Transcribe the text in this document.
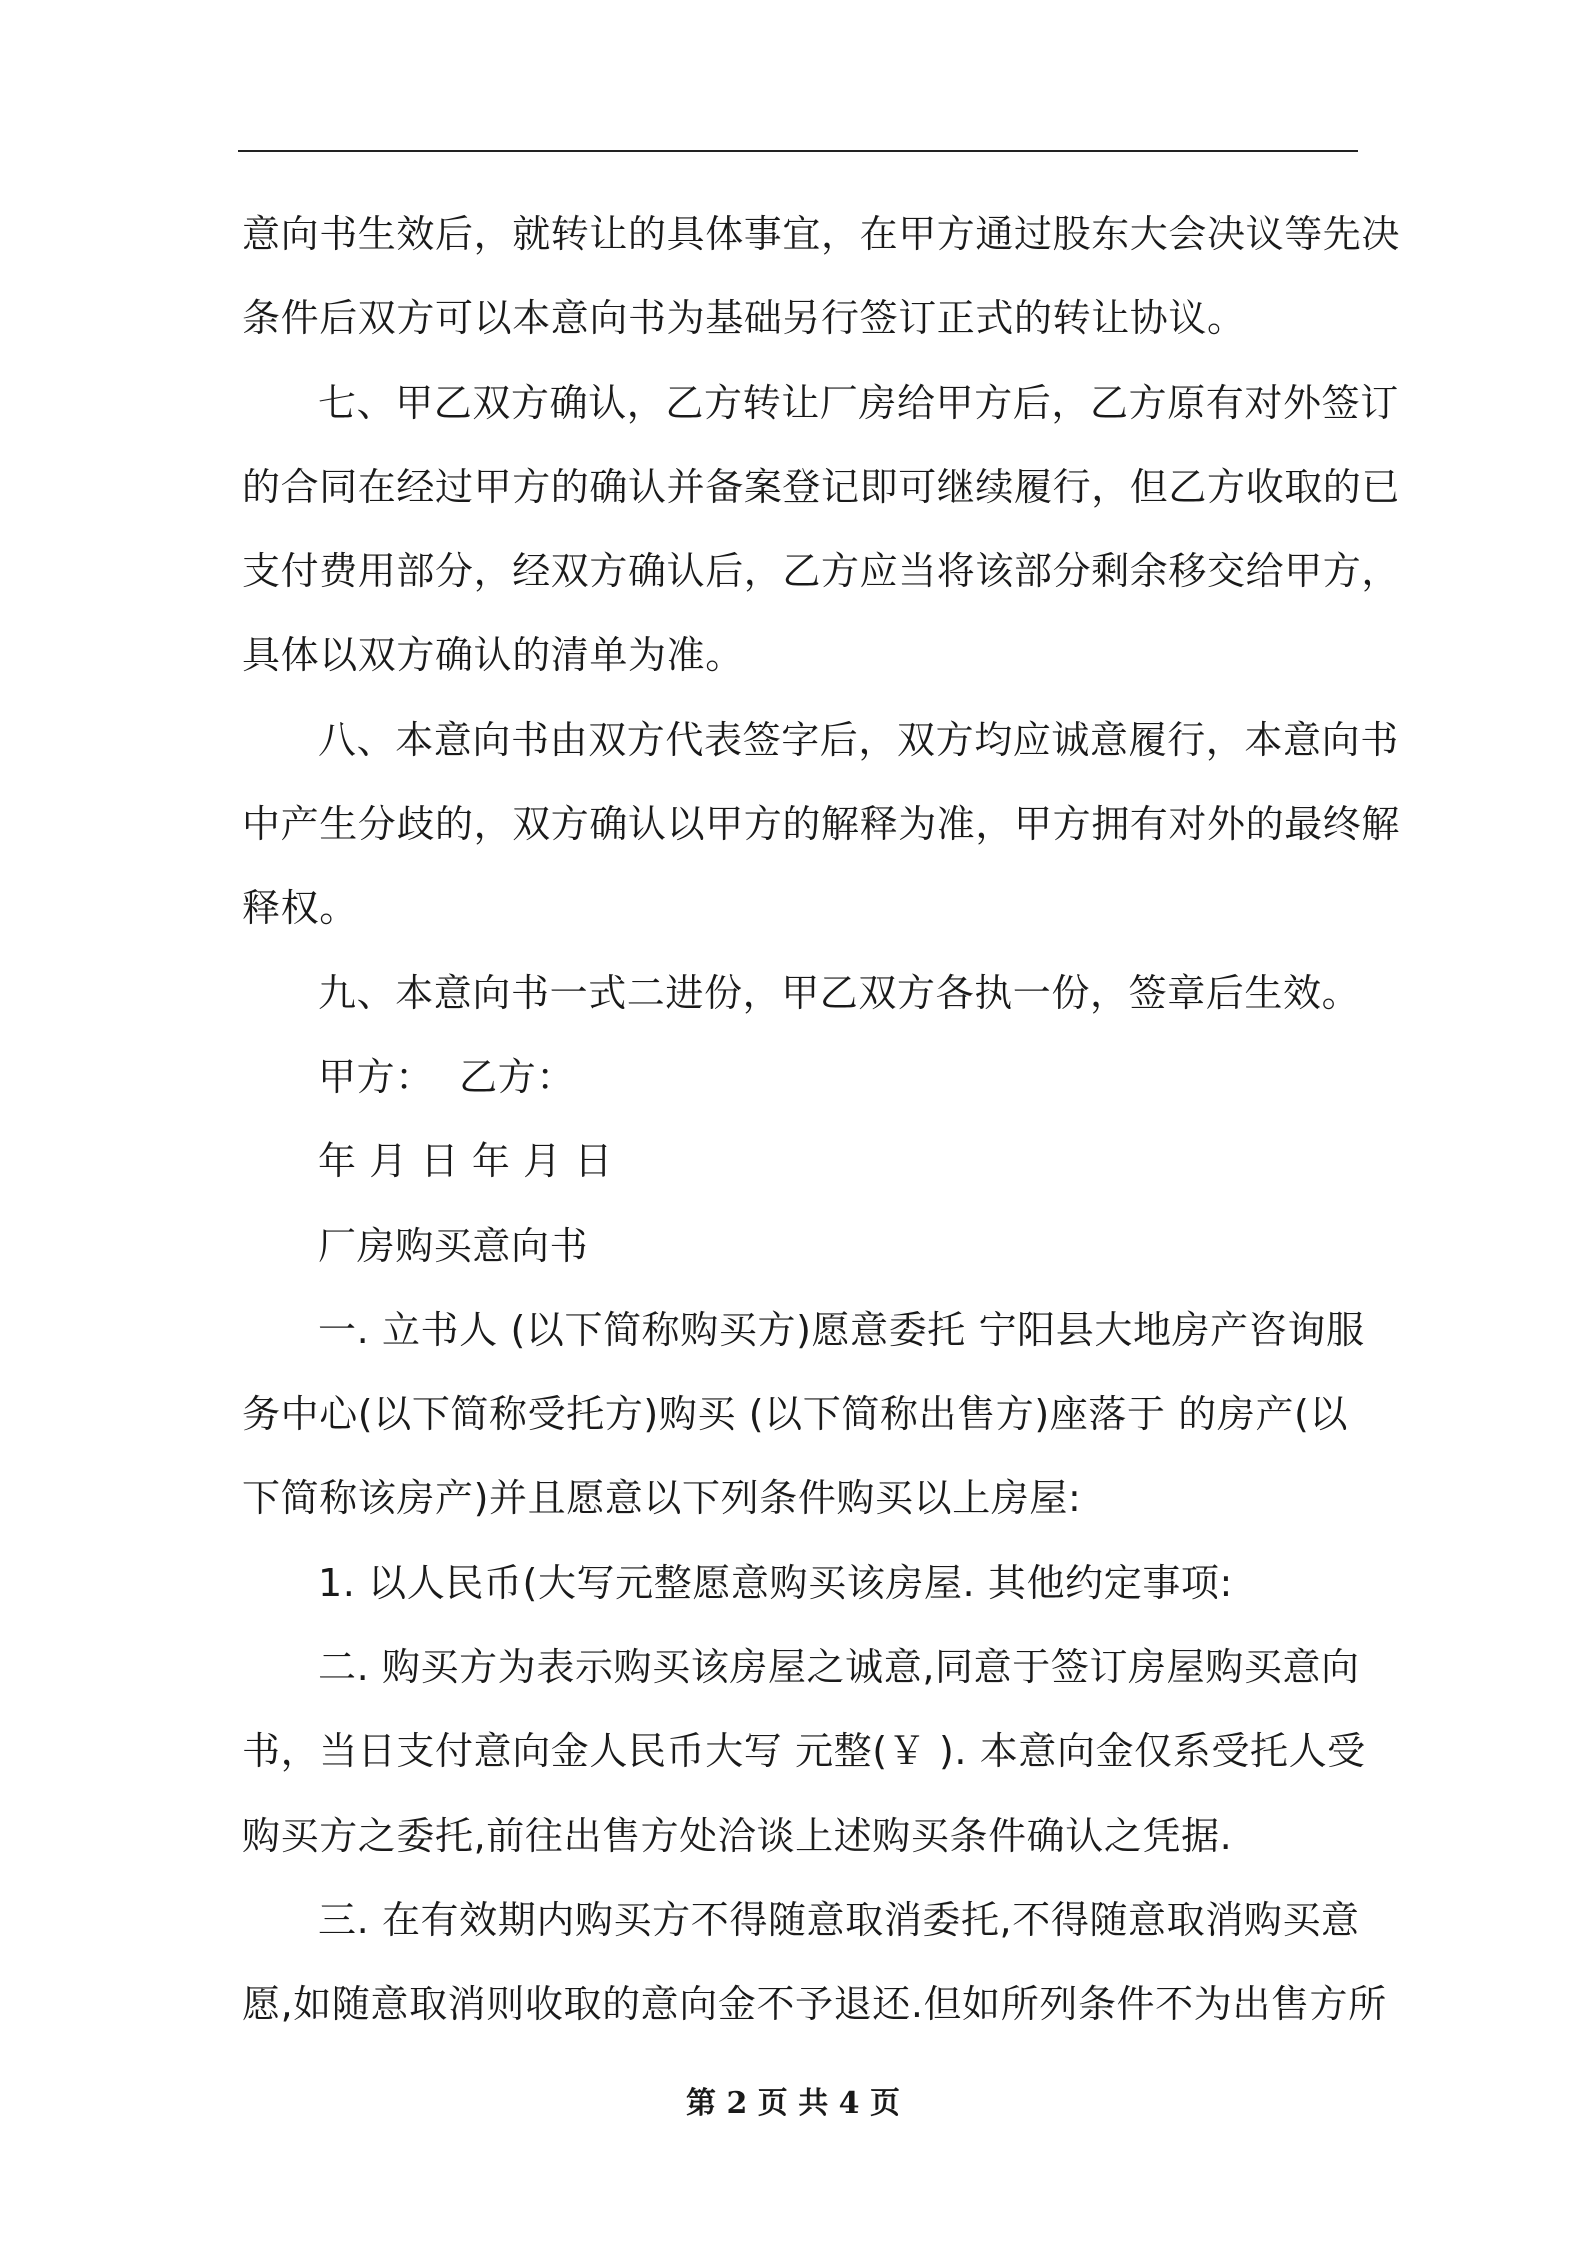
意向书生效后，就转让的具体事宜，在甲方通过股东大会决议等先决
条件后双方可以本意向书为基础另行签订正式的转让协议。
七、甲乙双方确认，乙方转让厂房给甲方后，乙方原有对外签订
的合同在经过甲方的确认并备案登记即可继续履行，但乙方收取的已
支付费用部分，经双方确认后，乙方应当将该部分剩余移交给甲方，
具体以双方确认的清单为准。
八、本意向书由双方代表签字后，双方均应诚意履行，本意向书
中产生分歧的，双方确认以甲方的解释为准，甲方拥有对外的最终解
释权。
九、本意向书一式二进份，甲乙双方各执一份，签章后生效。
甲方：  乙方：
年 月 日 年 月 日
厂房购买意向书
一. 立书人 (以下简称购买方)愿意委托 宁阳县大地房产咨询服
务中心(以下简称受托方)购买 (以下简称出售方)座落于 的房产(以
下简称该房产)并且愿意以下列条件购买以上房屋:
1. 以人民币(大写元整愿意购买该房屋. 其他约定事项:
二. 购买方为表示购买该房屋之诚意,同意于签订房屋购买意向
书，当日支付意向金人民币大写 元整(￥ ). 本意向金仅系受托人受
购买方之委托,前往出售方处洽谈上述购买条件确认之凭据.
三. 在有效期内购买方不得随意取消委托,不得随意取消购买意
愿,如随意取消则收取的意向金不予退还.但如所列条件不为出售方所
第 2 页 共 4 页
